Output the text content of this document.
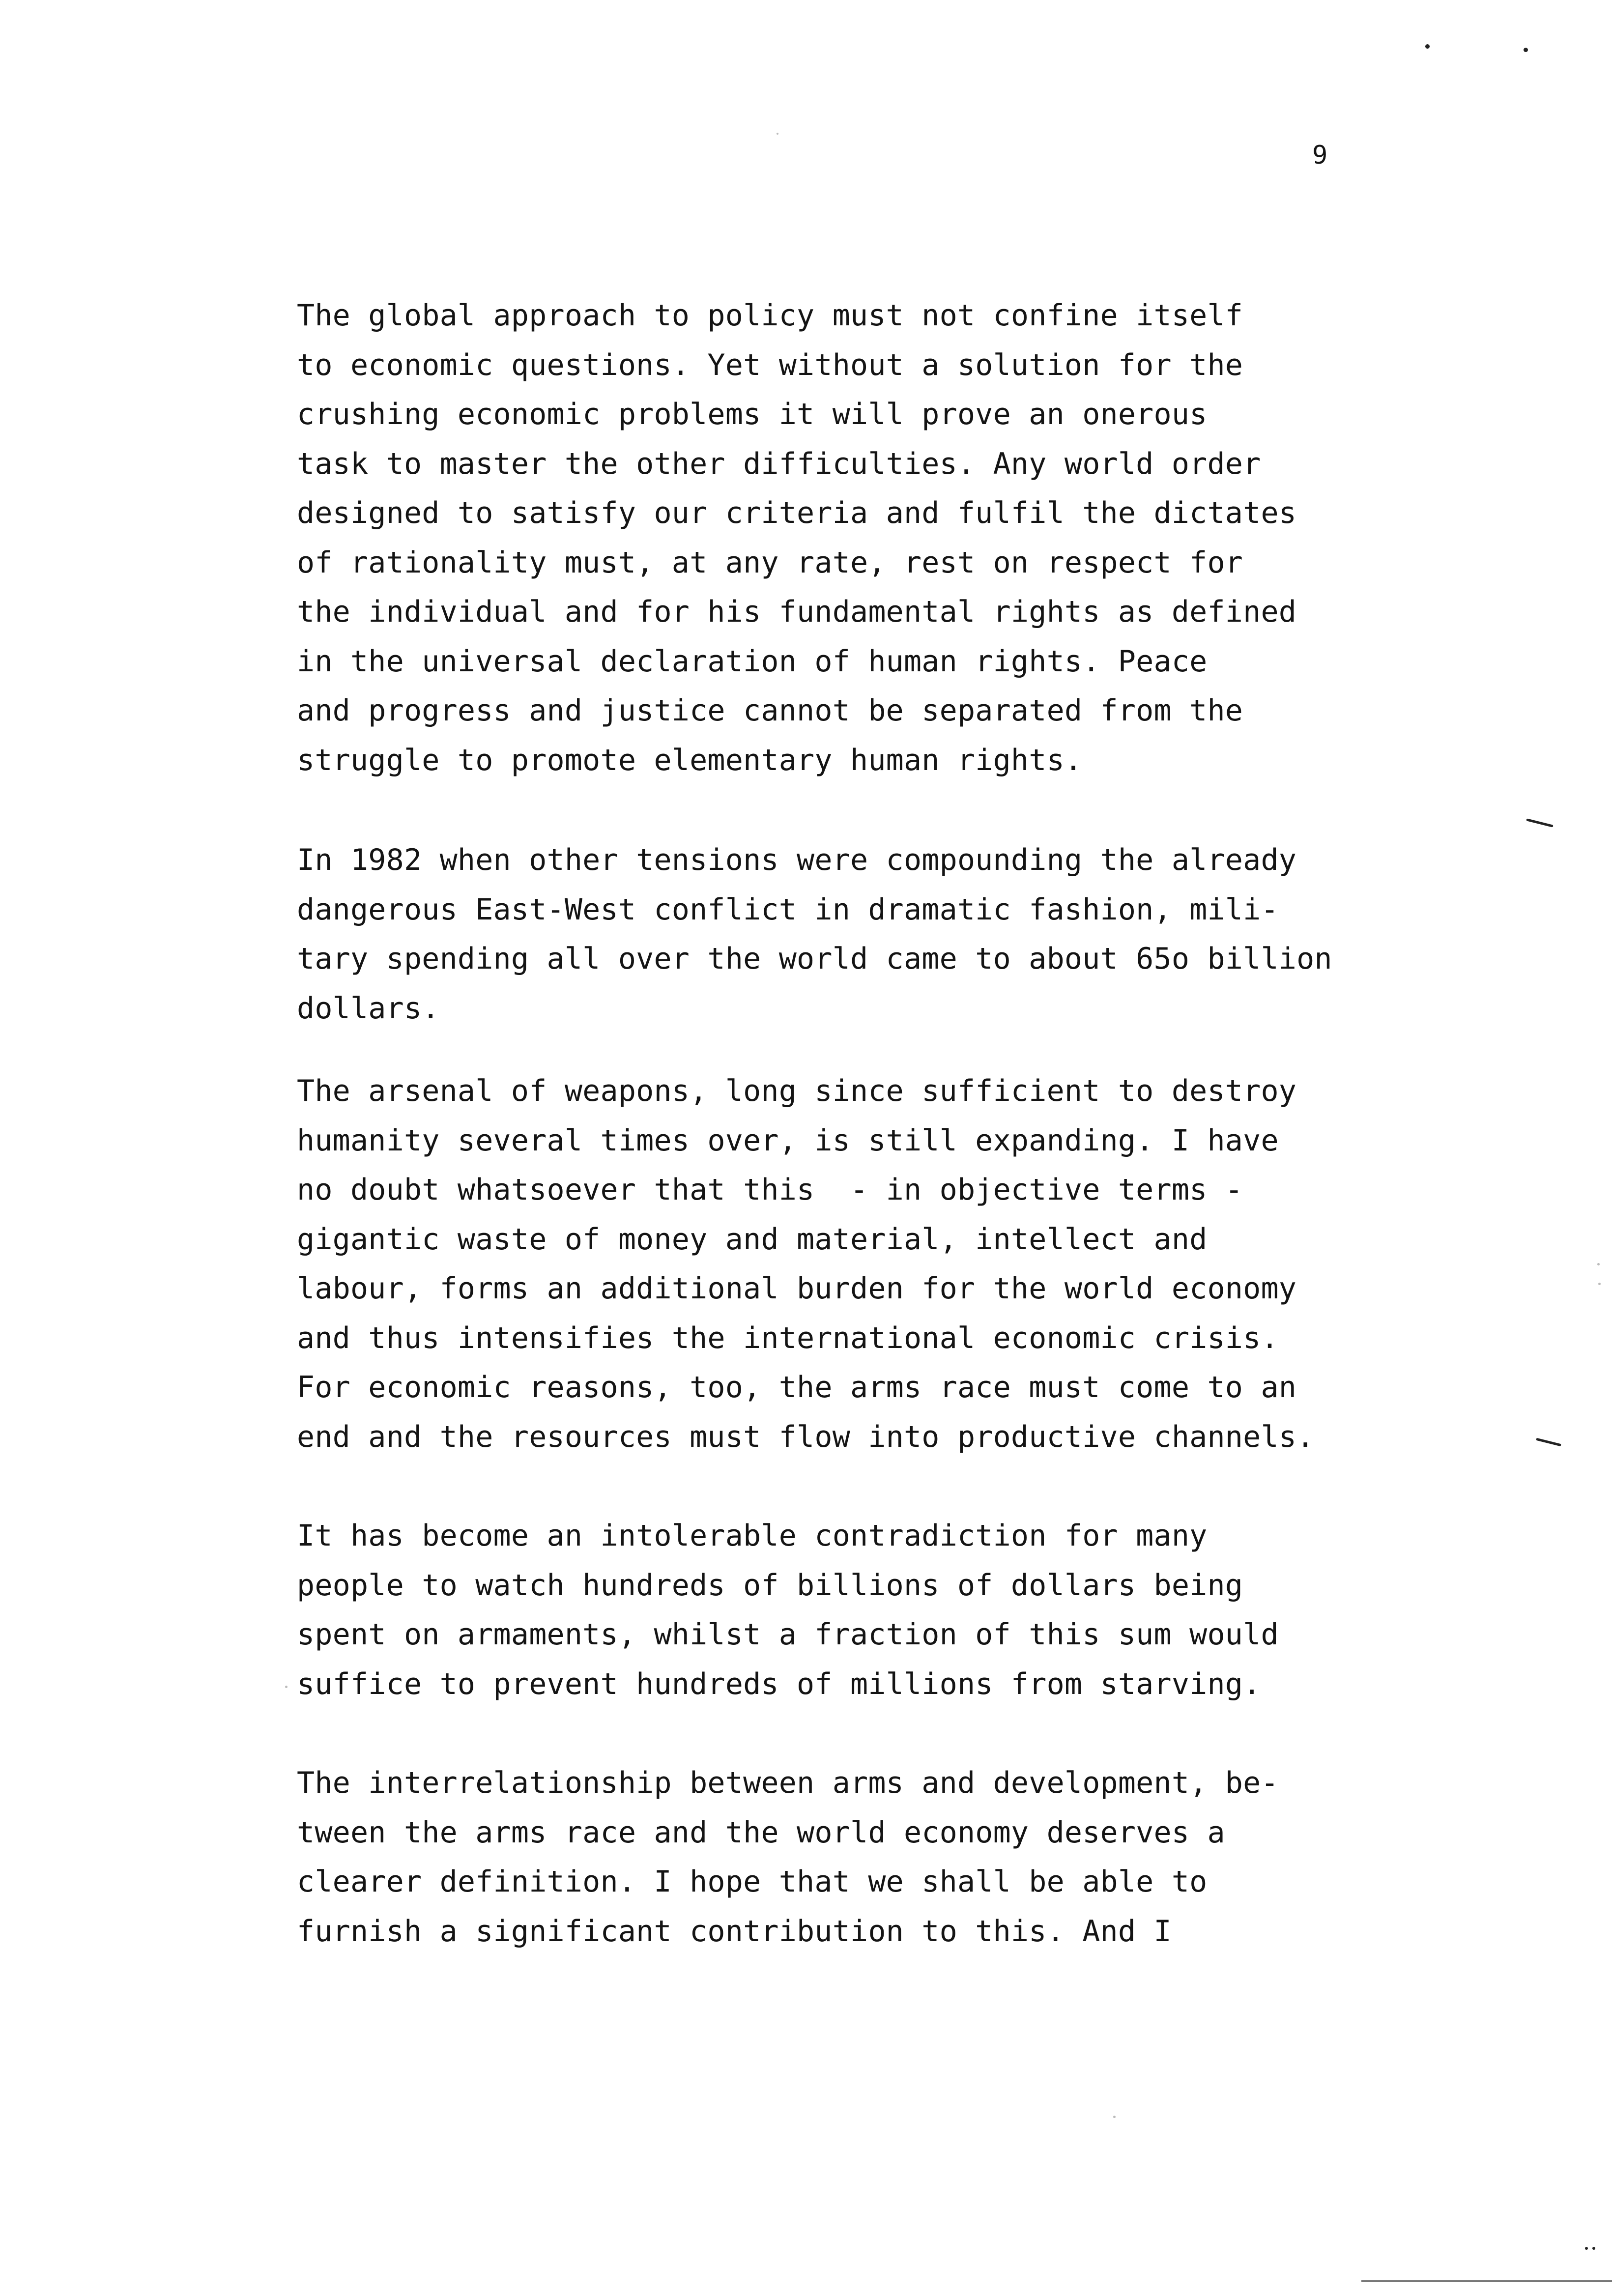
9

The global approach to policy must not confine itself
to economic questions. Yet without a solution for the
crushing economic problems it will prove an onerous
task to master the other difficulties. Any world order
designed to satisfy our criteria and fulfil the dictates
of rationality must, at any rate, rest on respect for
the individual and for his fundamental rights as defined
in the universal declaration of human rights. Peace
and progress and justice cannot be separated from the
struggle to promote elementary human rights.

In 1982 when other tensions were compounding the already
dangerous East-West conflict in dramatic fashion, mili-
tary spending all over the world came to about 65o billion
dollars.

The arsenal of weapons, long since sufficient to destroy
humanity several times over, is still expanding. I have
no doubt whatsoever that this  - in objective terms -
gigantic waste of money and material, intellect and
labour, forms an additional burden for the world economy
and thus intensifies the international economic crisis.
For economic reasons, too, the arms race must come to an
end and the resources must flow into productive channels.

It has become an intolerable contradiction for many
people to watch hundreds of billions of dollars being
spent on armaments, whilst a fraction of this sum would
suffice to prevent hundreds of millions from starving.

The interrelationship between arms and development, be-
tween the arms race and the world economy deserves a
clearer definition. I hope that we shall be able to
furnish a significant contribution to this. And I
